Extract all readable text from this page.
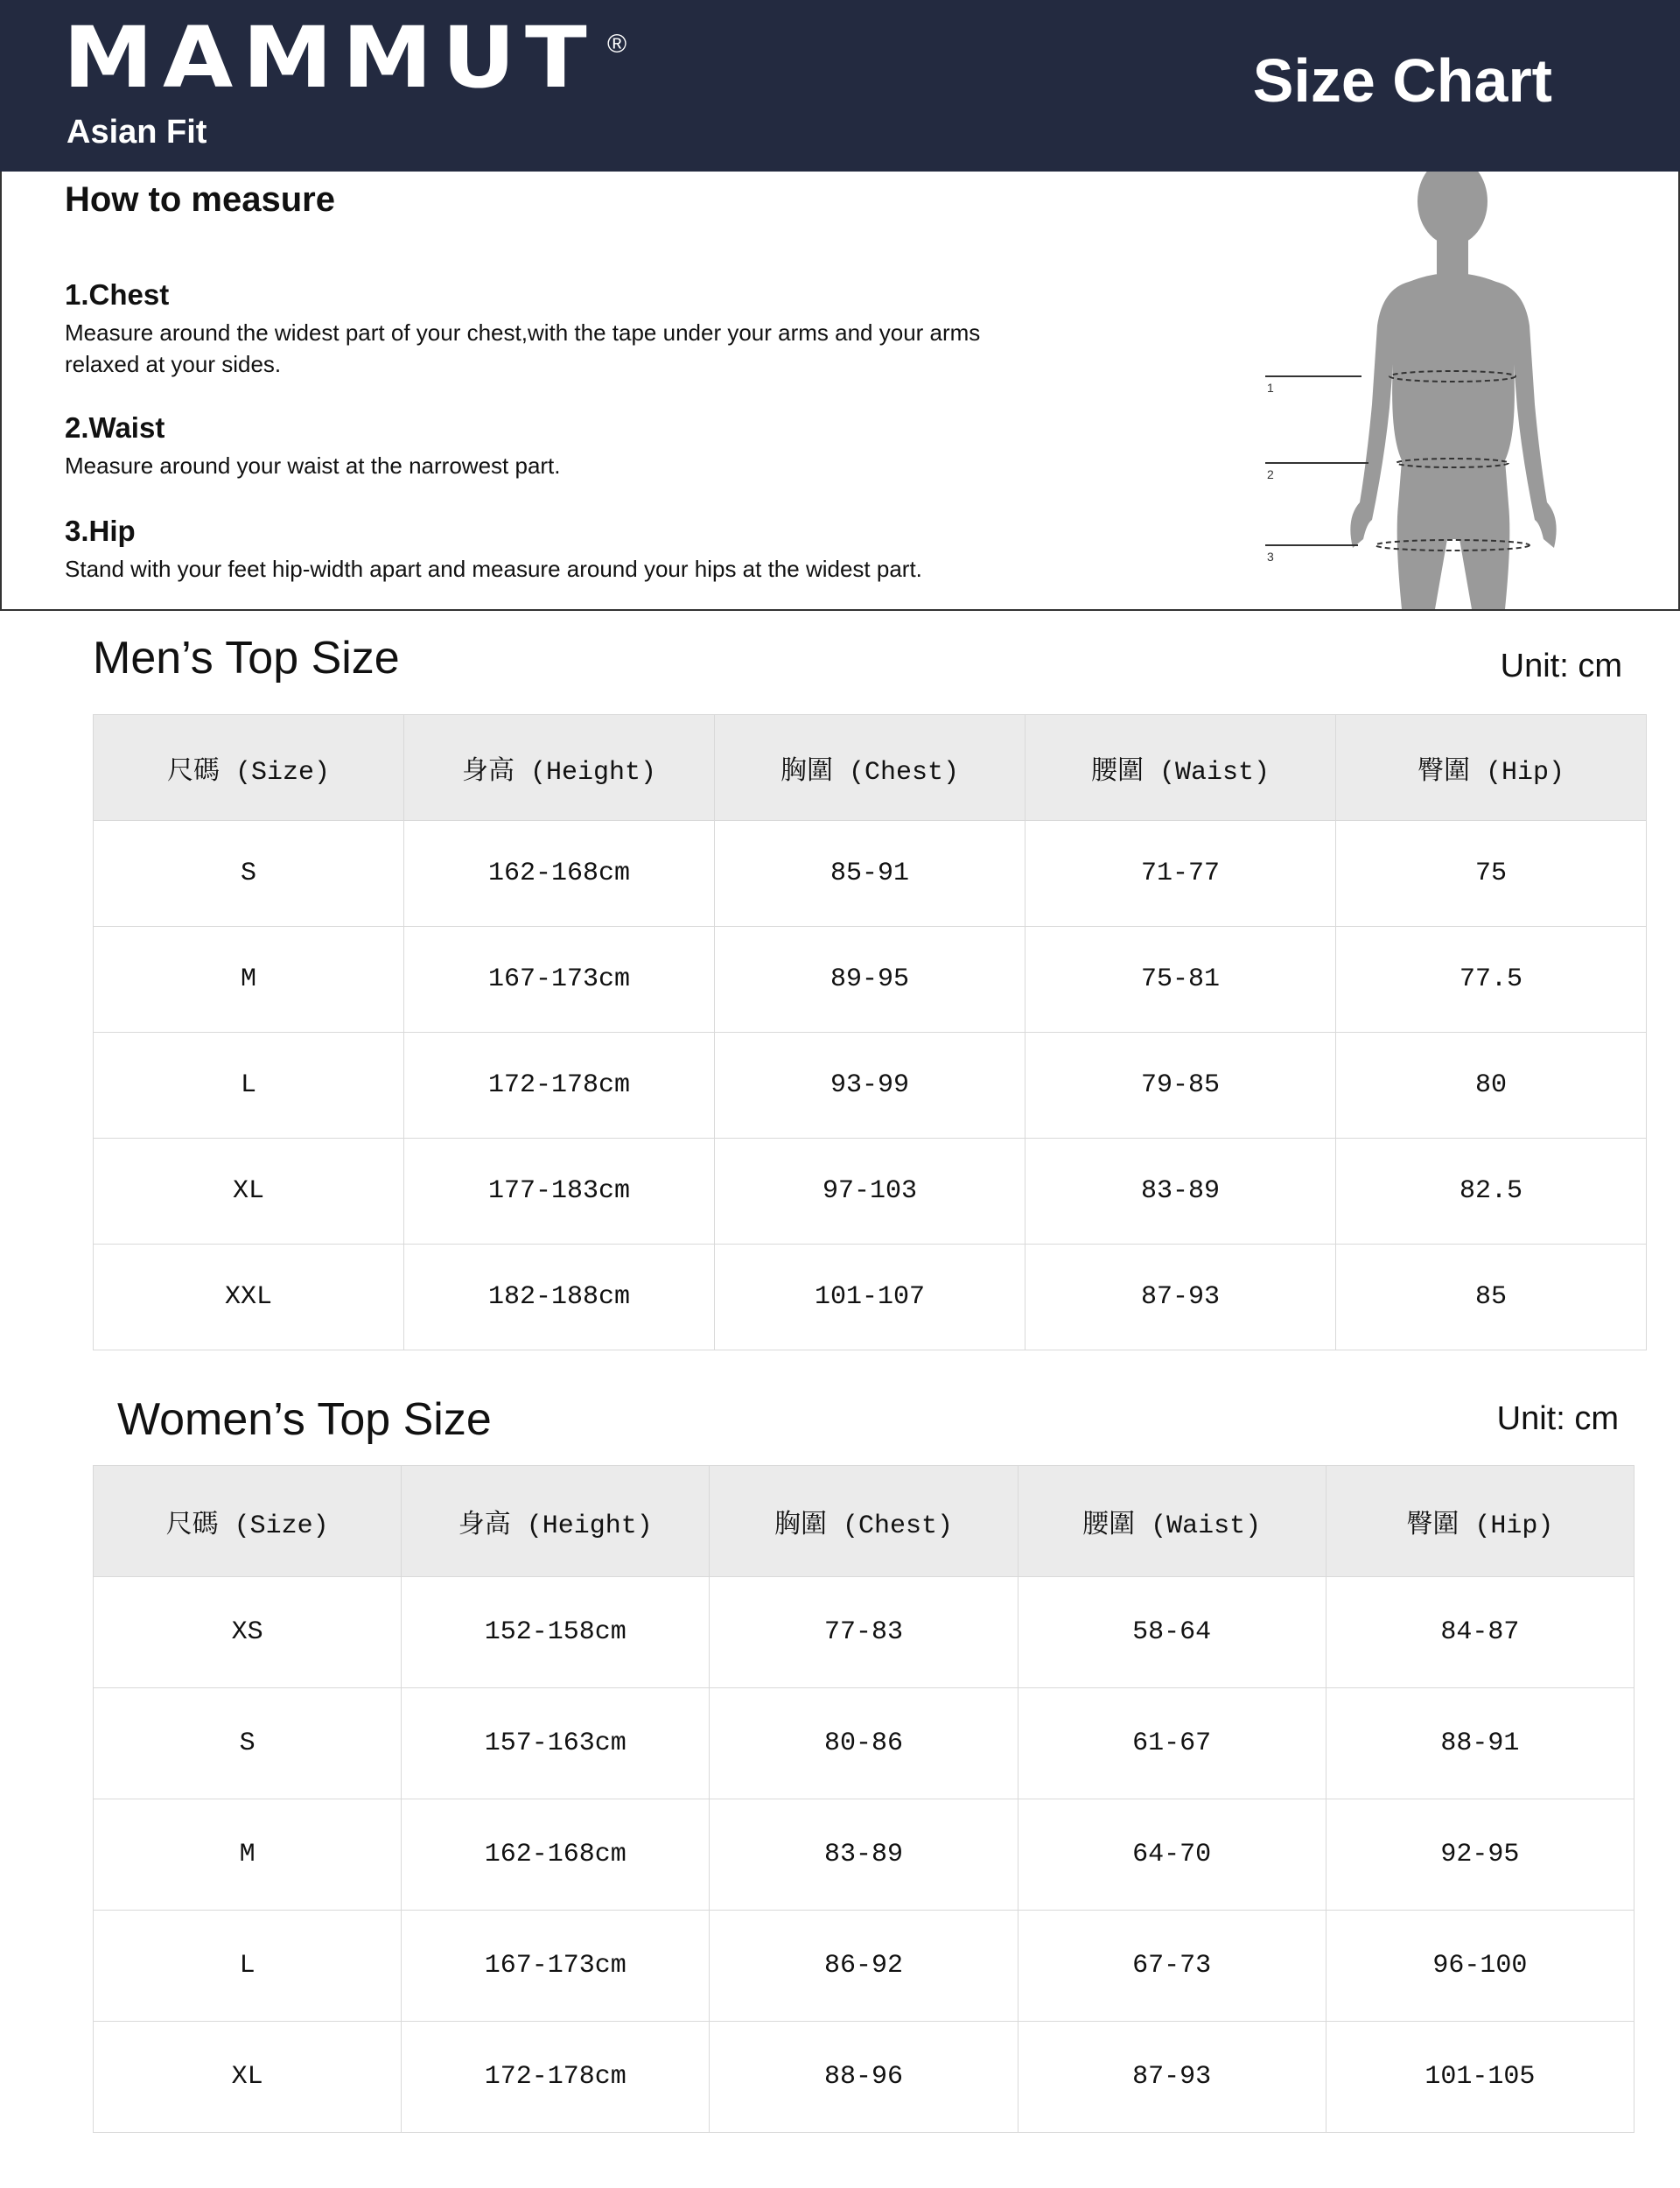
MAMMUT ®
Asian Fit
Size Chart
How to measure
1.Chest
Measure around the widest part of your chest,with the tape under your arms and your arms relaxed at your sides.
2.Waist
Measure around your waist at the narrowest part.
3.Hip
Stand with your feet hip-width apart and measure around your hips at the widest part.
1
2
3
Men’s Top Size	Unit: cm
尺碼 (Size)	身高 (Height)	胸圍 (Chest)	腰圍 (Waist)	臀圍 (Hip)
S	162-168cm	85-91	71-77	75
M	167-173cm	89-95	75-81	77.5
L	172-178cm	93-99	79-85	80
XL	177-183cm	97-103	83-89	82.5
XXL	182-188cm	101-107	87-93	85
Women’s Top Size	Unit: cm
尺碼 (Size)	身高 (Height)	胸圍 (Chest)	腰圍 (Waist)	臀圍 (Hip)
XS	152-158cm	77-83	58-64	84-87
S	157-163cm	80-86	61-67	88-91
M	162-168cm	83-89	64-70	92-95
L	167-173cm	86-92	67-73	96-100
XL	172-178cm	88-96	87-93	101-105
